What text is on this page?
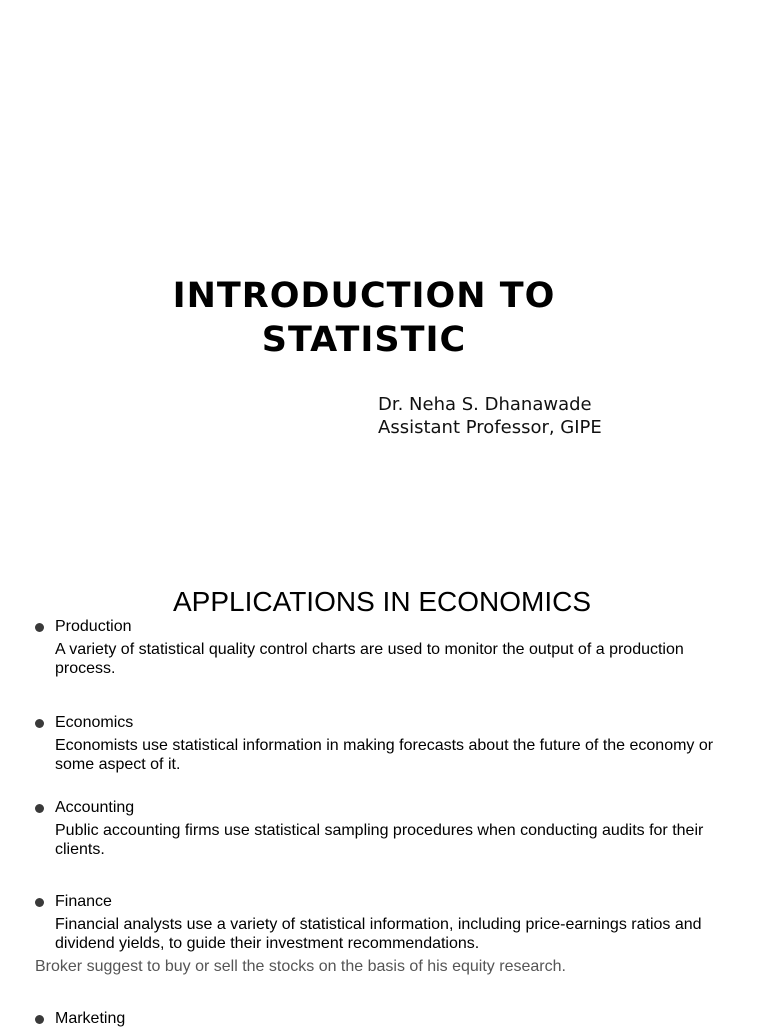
INTRODUCTION TO
STATISTIC
Dr. Neha S. Dhanawade
Assistant Professor, GIPE
APPLICATIONS IN ECONOMICS
Production
A variety of statistical quality control charts are used to monitor the output of a production process.
Economics
Economists use statistical information in making forecasts about the future of the economy or some aspect of it.
Accounting
Public accounting firms use statistical sampling procedures when conducting audits for their clients.
Finance
Financial analysts use a variety of statistical information, including price-earnings ratios and dividend yields, to guide their investment recommendations.
Broker suggest to buy or sell the stocks on the basis of his equity research.
Marketing
